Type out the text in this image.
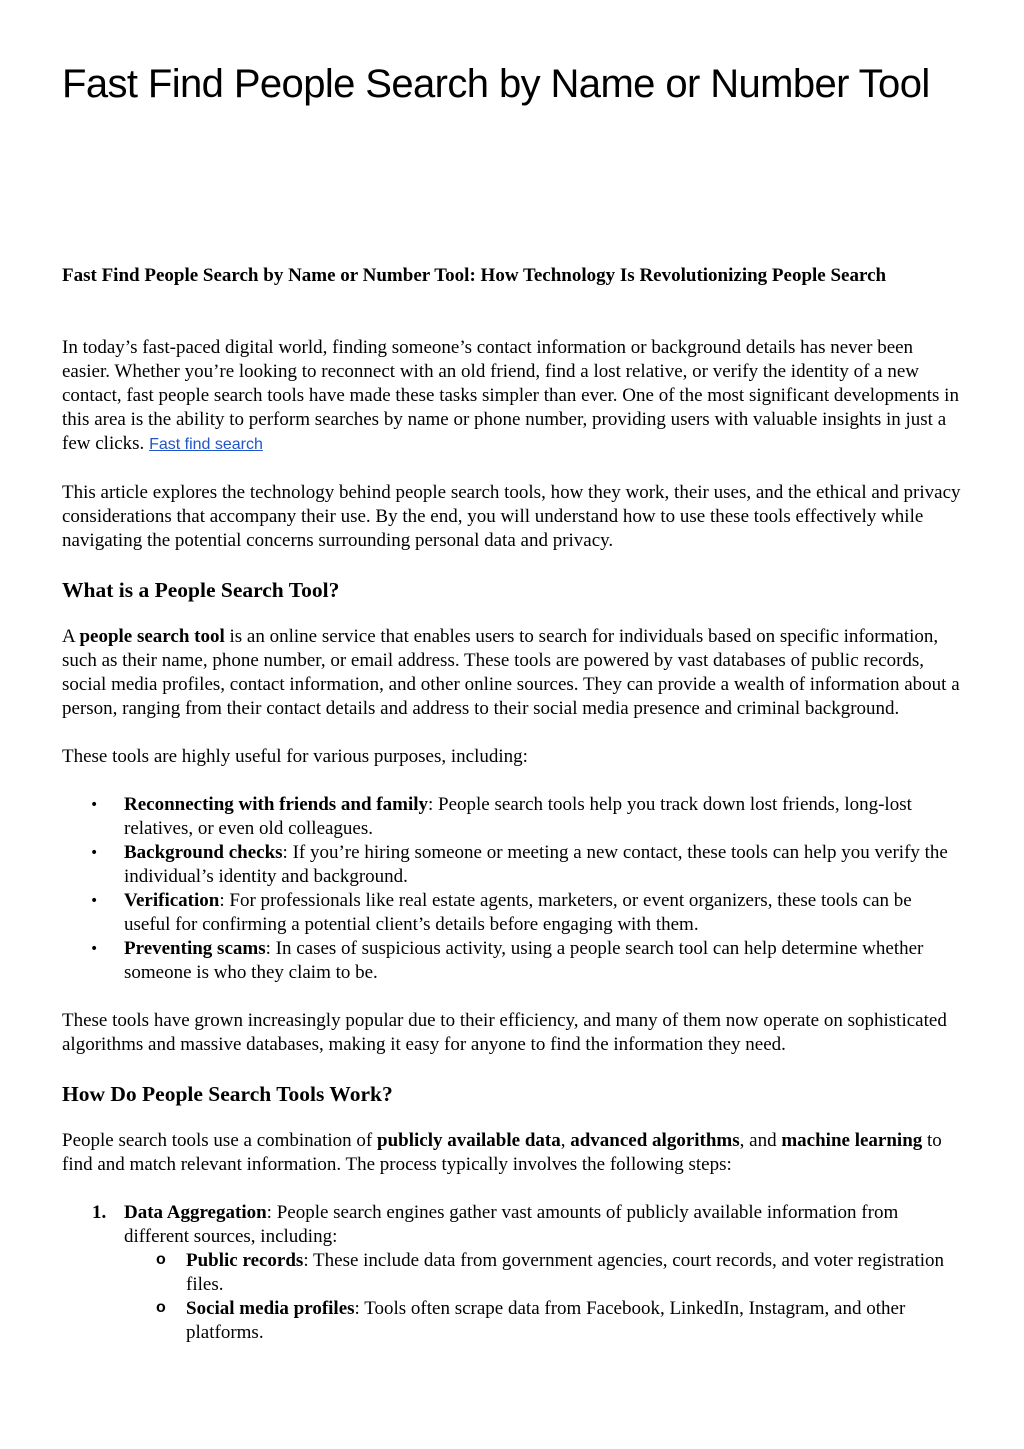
Fast Find People Search by Name or Number Tool
Fast Find People Search by Name or Number Tool: How Technology Is Revolutionizing People Search

In today’s fast-paced digital world, finding someone’s contact information or background details has never been easier. Whether you’re looking to reconnect with an old friend, find a lost relative, or verify the identity of a new contact, fast people search tools have made these tasks simpler than ever. One of the most significant developments in this area is the ability to perform searches by name or phone number, providing users with valuable insights in just a few clicks. Fast find search

This article explores the technology behind people search tools, how they work, their uses, and the ethical and privacy considerations that accompany their use. By the end, you will understand how to use these tools effectively while navigating the potential concerns surrounding personal data and privacy.

What is a People Search Tool?

A people search tool is an online service that enables users to search for individuals based on specific information, such as their name, phone number, or email address. These tools are powered by vast databases of public records, social media profiles, contact information, and other online sources. They can provide a wealth of information about a person, ranging from their contact details and address to their social media presence and criminal background.

These tools are highly useful for various purposes, including:

• Reconnecting with friends and family: People search tools help you track down lost friends, long-lost relatives, or even old colleagues.
• Background checks: If you’re hiring someone or meeting a new contact, these tools can help you verify the individual’s identity and background.
• Verification: For professionals like real estate agents, marketers, or event organizers, these tools can be useful for confirming a potential client’s details before engaging with them.
• Preventing scams: In cases of suspicious activity, using a people search tool can help determine whether someone is who they claim to be.

These tools have grown increasingly popular due to their efficiency, and many of them now operate on sophisticated algorithms and massive databases, making it easy for anyone to find the information they need.

How Do People Search Tools Work?

People search tools use a combination of publicly available data, advanced algorithms, and machine learning to find and match relevant information. The process typically involves the following steps:

1. Data Aggregation: People search engines gather vast amounts of publicly available information from different sources, including:
o Public records: These include data from government agencies, court records, and voter registration files.
o Social media profiles: Tools often scrape data from Facebook, LinkedIn, Instagram, and other platforms.
